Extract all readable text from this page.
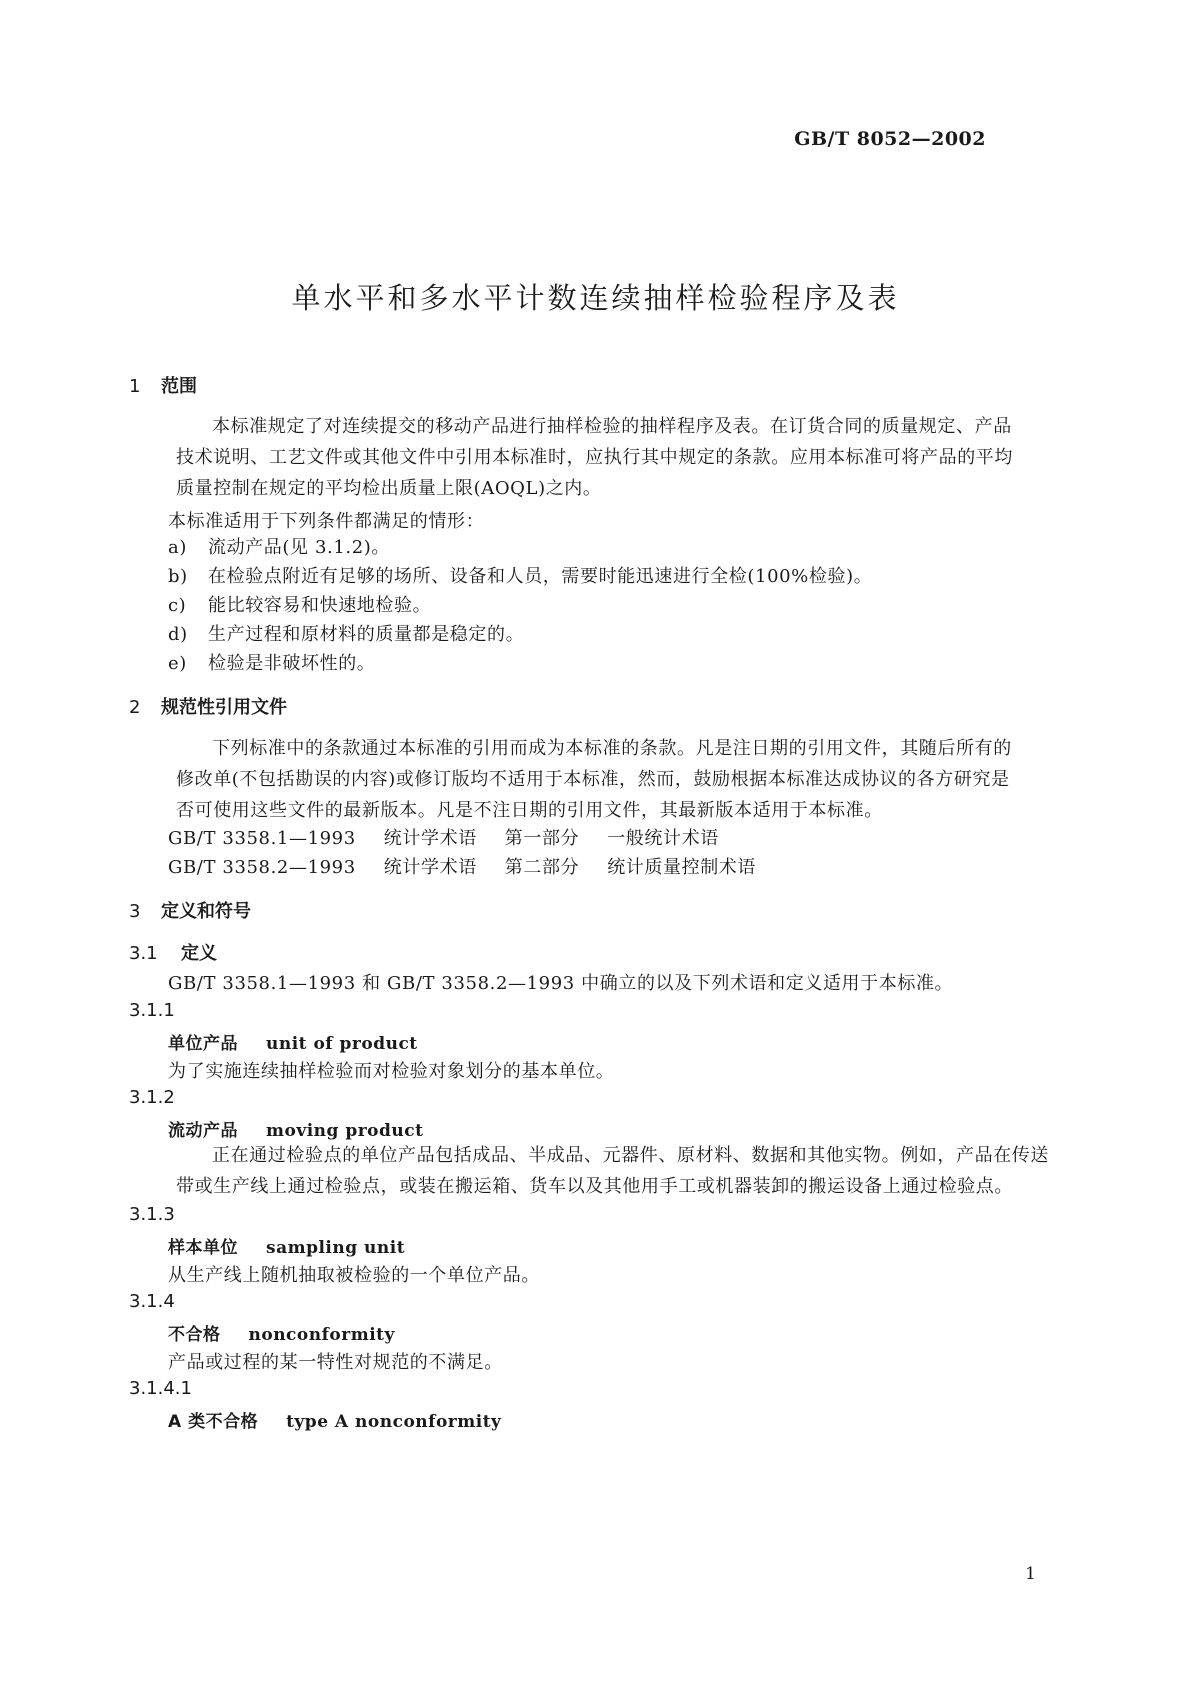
GB/T 8052—2002
单水平和多水平计数连续抽样检验程序及表
1 范围
本标准规定了对连续提交的移动产品进行抽样检验的抽样程序及表。在订货合同的质量规定、产品
技术说明、工艺文件或其他文件中引用本标准时，应执行其中规定的条款。应用本标准可将产品的平均
质量控制在规定的平均检出质量上限(AOQL)之内。
本标准适用于下列条件都满足的情形：
a) 流动产品(见 3.1.2)。
b) 在检验点附近有足够的场所、设备和人员，需要时能迅速进行全检(100%检验)。
c) 能比较容易和快速地检验。
d) 生产过程和原材料的质量都是稳定的。
e) 检验是非破坏性的。
2 规范性引用文件
下列标准中的条款通过本标准的引用而成为本标准的条款。凡是注日期的引用文件，其随后所有的
修改单(不包括勘误的内容)或修订版均不适用于本标准，然而，鼓励根据本标准达成协议的各方研究是
否可使用这些文件的最新版本。凡是不注日期的引用文件，其最新版本适用于本标准。
GB/T 3358.1—1993 统计学术语 第一部分 一般统计术语
GB/T 3358.2—1993 统计学术语 第二部分 统计质量控制术语
3 定义和符号
3.1 定义
GB/T 3358.1—1993 和 GB/T 3358.2—1993 中确立的以及下列术语和定义适用于本标准。
3.1.1
单位产品 unit of product
为了实施连续抽样检验而对检验对象划分的基本单位。
3.1.2
流动产品 moving product
正在通过检验点的单位产品包括成品、半成品、元器件、原材料、数据和其他实物。例如，产品在传送
带或生产线上通过检验点，或装在搬运箱、货车以及其他用手工或机器装卸的搬运设备上通过检验点。
3.1.3
样本单位 sampling unit
从生产线上随机抽取被检验的一个单位产品。
3.1.4
不合格 nonconformity
产品或过程的某一特性对规范的不满足。
3.1.4.1
A 类不合格 type A nonconformity
1
